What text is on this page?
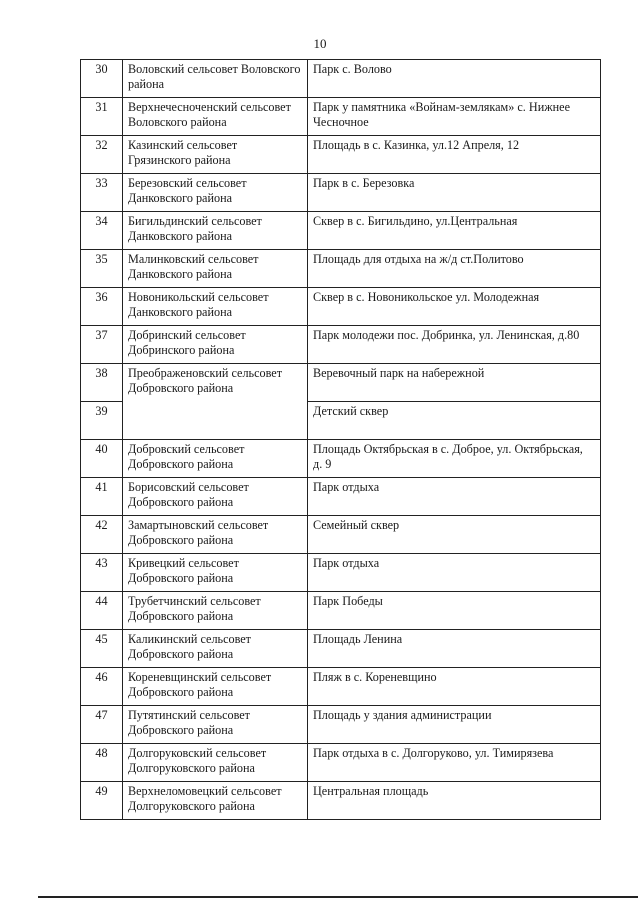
10
30	Воловский сельсовет Воловского района	Парк с. Волово
31	Верхнечесноченский сельсовет Воловского района	Парк у памятника «Войнам-землякам» с. Нижнее Чесночное
32	Казинский сельсовет Грязинского района	Площадь в с. Казинка, ул.12 Апреля, 12
33	Березовский сельсовет Данковского района	Парк в с. Березовка
34	Бигильдинский сельсовет Данковского района	Сквер в с. Бигильдино, ул.Центральная
35	Малинковский сельсовет Данковского района	Площадь для отдыха на ж/д ст.Политово
36	Новоникольский сельсовет Данковского района	Сквер в с. Новоникольское ул. Молодежная
37	Добринский сельсовет Добринского района	Парк молодежи пос. Добринка, ул. Ленинская, д.80
38	Преображеновский сельсовет Добровского района	Веревочный парк на набережной
39		Детский сквер
40	Добровский сельсовет Добровского района	Площадь Октябрьская в с. Доброе, ул. Октябрьская, д. 9
41	Борисовский сельсовет Добровского района	Парк отдыха
42	Замартыновский сельсовет Добровского района	Семейный сквер
43	Кривецкий сельсовет Добровского района	Парк отдыха
44	Трубетчинский сельсовет Добровского района	Парк Победы
45	Каликинский сельсовет Добровского района	Площадь Ленина
46	Кореневщинский сельсовет Добровского района	Пляж в с. Кореневщино
47	Путятинский сельсовет Добровского района	Площадь у здания администрации
48	Долгоруковский сельсовет Долгоруковского района	Парк отдыха в с. Долгоруково, ул. Тимирязева
49	Верхнеломовецкий сельсовет Долгоруковского района	Центральная площадь
